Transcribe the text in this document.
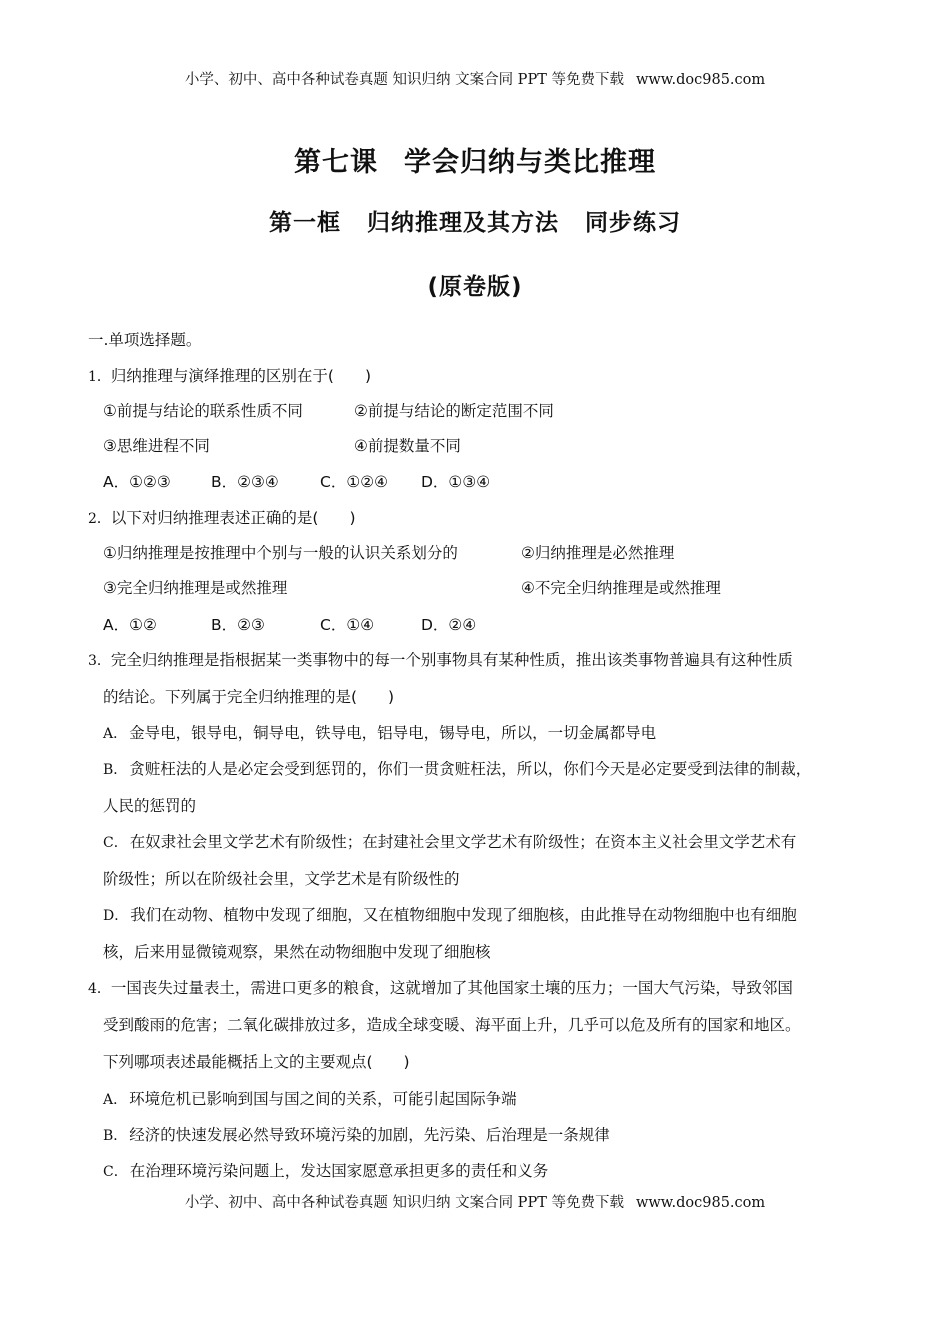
小学、初中、高中各种试卷真题 知识归纳 文案合同 PPT 等免费下载 www.doc985.com
第七课 学会归纳与类比推理
第一框 归纳推理及其方法 同步练习
(原卷版)
一.单项选择题。
1．归纳推理与演绎推理的区别在于(　　)
①前提与结论的联系性质不同	②前提与结论的断定范围不同
③思维进程不同	④前提数量不同
A．①②③	B．②③④	C．①②④ D．①③④
2．以下对归纳推理表述正确的是(　　)
①归纳推理是按推理中个别与一般的认识关系划分的	②归纳推理是必然推理
③完全归纳推理是或然推理	④不完全归纳推理是或然推理
A．①②	B．②③	C．①④	D．②④
3．完全归纳推理是指根据某一类事物中的每一个别事物具有某种性质，推出该类事物普遍具有这种性质
的结论。下列属于完全归纳推理的是(　　)
A． 金导电，银导电，铜导电，铁导电，铝导电，锡导电，所以，一切金属都导电
B． 贪赃枉法的人是必定会受到惩罚的，你们一贯贪赃枉法，所以，你们今天是必定要受到法律的制裁，
人民的惩罚的
C． 在奴隶社会里文学艺术有阶级性；在封建社会里文学艺术有阶级性；在资本主义社会里文学艺术有
阶级性；所以在阶级社会里，文学艺术是有阶级性的
D． 我们在动物、植物中发现了细胞，又在植物细胞中发现了细胞核，由此推导在动物细胞中也有细胞
核，后来用显微镜观察，果然在动物细胞中发现了细胞核
4．一国丧失过量表土，需进口更多的粮食，这就增加了其他国家土壤的压力；一国大气污染，导致邻国
受到酸雨的危害；二氧化碳排放过多，造成全球变暖、海平面上升，几乎可以危及所有的国家和地区。
下列哪项表述最能概括上文的主要观点(　　)
A． 环境危机已影响到国与国之间的关系，可能引起国际争端
B． 经济的快速发展必然导致环境污染的加剧，先污染、后治理是一条规律
C． 在治理环境污染问题上，发达国家愿意承担更多的责任和义务
小学、初中、高中各种试卷真题 知识归纳 文案合同 PPT 等免费下载 www.doc985.com
